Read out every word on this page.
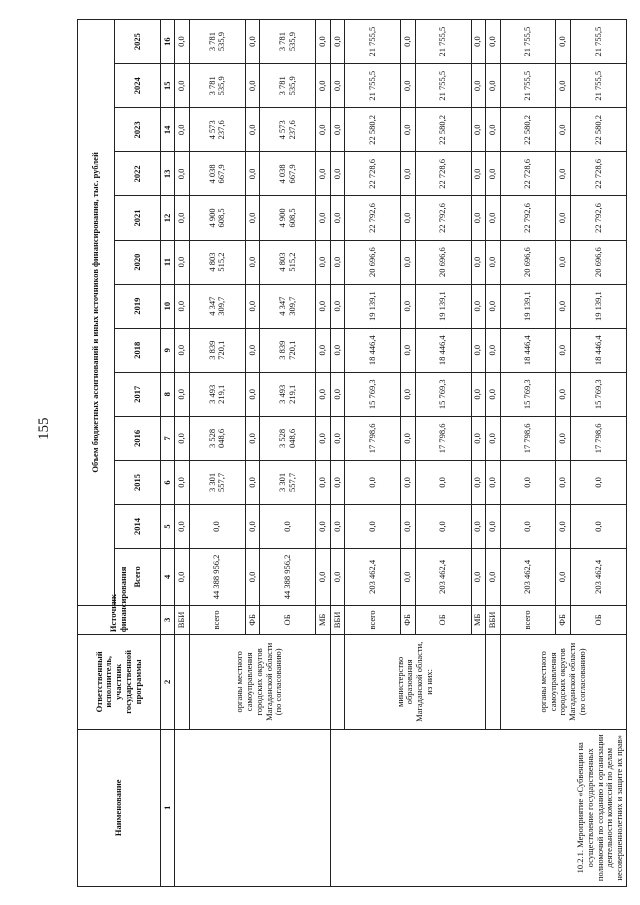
155
Наименование	Ответственный исполнитель, участник государственной программы	Источник финансирования	Объем бюджетных ассигнований и иных источников финансирования, тыс. рублей												
			Всего	2014	2015	2016	2017	2018	2019	2020	2021	2022	2023	2024	2025
1	2	3	4	5	6	7	8	9	10	11	12	13	14	15	16
		ВБИ	0,0	0,0	0,0	0,0	0,0	0,0	0,0	0,0	0,0	0,0	0,0	0,0	0,0
	органы местного самоуправления городских округов Магаданской области (по согласованию)	всего	44 388 956,2	0,0	3 301 557,7	3 528 048,6	3 493 219,1	3 839 720,1	4 347 309,7	4 803 515,2	4 900 608,5	4 038 667,9	4 573 237,6	3 781 535,9	3 781 535,9
		ФБ	0,0	0,0	0,0	0,0	0,0	0,0	0,0	0,0	0,0	0,0	0,0	0,0	0,0
		ОБ	44 388 956,2	0,0	3 301 557,7	3 528 048,6	3 493 219,1	3 839 720,1	4 347 309,7	4 803 515,2	4 900 608,5	4 038 667,9	4 573 237,6	3 781 535,9	3 781 535,9
		МБ	0,0	0,0	0,0	0,0	0,0	0,0	0,0	0,0	0,0	0,0	0,0	0,0	0,0
10.2.1. Мероприятие «Субвенции на осуществление государственных полномочий по созданию и организации деятельности комиссий по делам несовершеннолетних и защите их прав»		ВБИ	0,0	0,0	0,0	0,0	0,0	0,0	0,0	0,0	0,0	0,0	0,0	0,0	0,0
	министерство образования Магаданской области, из них:	всего	203 462,4	0,0	0,0	17 798,6	15 769,3	18 446,4	19 139,1	20 696,6	22 792,6	22 728,6	22 580,2	21 755,5	21 755,5
		ФБ	0,0	0,0	0,0	0,0	0,0	0,0	0,0	0,0	0,0	0,0	0,0	0,0	0,0
		ОБ	203 462,4	0,0	0,0	17 798,6	15 769,3	18 446,4	19 139,1	20 696,6	22 792,6	22 728,6	22 580,2	21 755,5	21 755,5
		МБ	0,0	0,0	0,0	0,0	0,0	0,0	0,0	0,0	0,0	0,0	0,0	0,0	0,0
		ВБИ	0,0	0,0	0,0	0,0	0,0	0,0	0,0	0,0	0,0	0,0	0,0	0,0	0,0
	органы местного самоуправления городских округов Магаданской области (по согласованию)	всего	203 462,4	0,0	0,0	17 798,6	15 769,3	18 446,4	19 139,1	20 696,6	22 792,6	22 728,6	22 580,2	21 755,5	21 755,5
		ФБ	0,0	0,0	0,0	0,0	0,0	0,0	0,0	0,0	0,0	0,0	0,0	0,0	0,0
		ОБ	203 462,4	0,0	0,0	17 798,6	15 769,3	18 446,4	19 139,1	20 696,6	22 792,6	22 728,6	22 580,2	21 755,5	21 755,5
